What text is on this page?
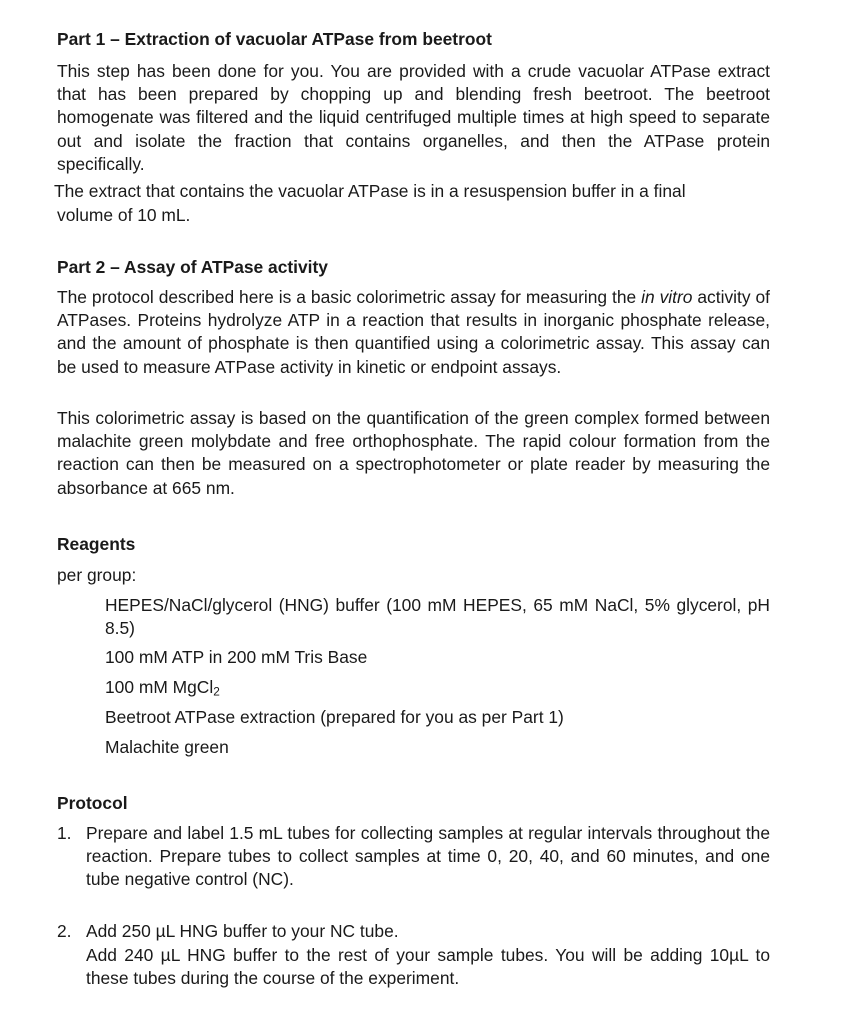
Part 1 – Extraction of vacuolar ATPase from beetroot

This step has been done for you. You are provided with a crude vacuolar ATPase extract that has been prepared by chopping up and blending fresh beetroot. The beetroot homogenate was filtered and the liquid centrifuged multiple times at high speed to separate out and isolate the fraction that contains organelles, and then the ATPase protein specifically.

The extract that contains the vacuolar ATPase is in a resuspension buffer in a final

volume of 10 mL.

Part 2 – Assay of ATPase activity

The protocol described here is a basic colorimetric assay for measuring the in vitro activity of ATPases. Proteins hydrolyze ATP in a reaction that results in inorganic phosphate release, and the amount of phosphate is then quantified using a colorimetric assay. This assay can be used to measure ATPase activity in kinetic or endpoint assays.

This colorimetric assay is based on the quantification of the green complex formed between malachite green molybdate and free orthophosphate. The rapid colour formation from the reaction can then be measured on a spectrophotometer or plate reader by measuring the absorbance at 665 nm.

Reagents

per group:

HEPES/NaCl/glycerol (HNG) buffer (100 mM HEPES, 65 mM NaCl, 5% glycerol, pH 8.5)

100 mM ATP in 200 mM Tris Base

100 mM MgCl$_2$

Beetroot ATPase extraction (prepared for you as per Part 1)

Malachite green

Protocol
1. Prepare and label 1.5 mL tubes for collecting samples at regular intervals throughout the reaction. Prepare tubes to collect samples at time 0, 20, 40, and 60 minutes, and one tube negative control (NC).

2. Add 250 µL HNG buffer to your NC tube.

Add 240 µL HNG buffer to the rest of your sample tubes. You will be adding 10µL to these tubes during the course of the experiment.
